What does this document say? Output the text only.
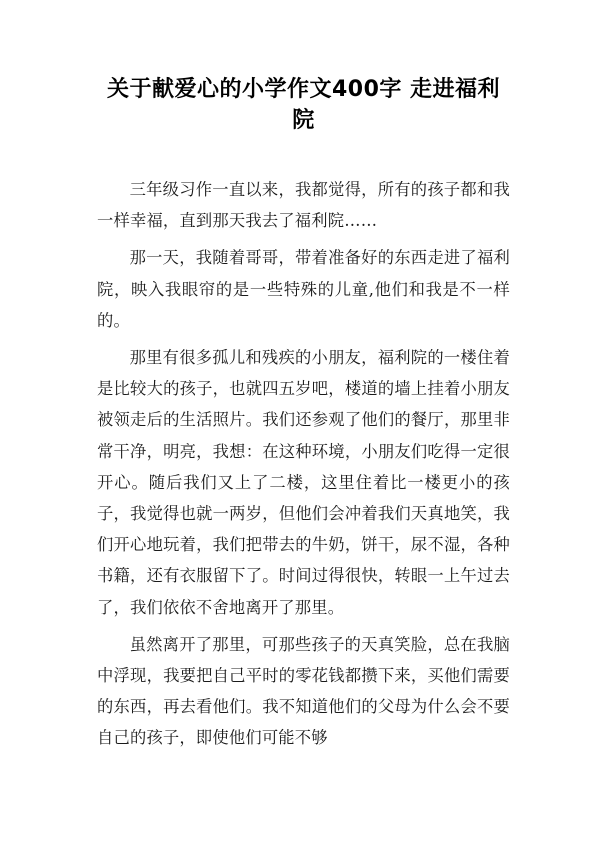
关于献爱心的小学作文400字 走进福利院

三年级习作一直以来，我都觉得，所有的孩子都和我一样幸福，直到那天我去了福利院……

那一天，我随着哥哥，带着准备好的东西走进了福利院，映入我眼帘的是一些特殊的儿童,他们和我是不一样的。

那里有很多孤儿和残疾的小朋友，福利院的一楼住着是比较大的孩子，也就四五岁吧，楼道的墙上挂着小朋友被领走后的生活照片。我们还参观了他们的餐厅，那里非常干净，明亮，我想：在这种环境，小朋友们吃得一定很开心。随后我们又上了二楼，这里住着比一楼更小的孩子，我觉得也就一两岁，但他们会冲着我们天真地笑，我们开心地玩着，我们把带去的牛奶，饼干，尿不湿，各种书籍，还有衣服留下了。时间过得很快，转眼一上午过去了，我们依依不舍地离开了那里。

虽然离开了那里，可那些孩子的天真笑脸，总在我脑中浮现，我要把自己平时的零花钱都攒下来，买他们需要的东西，再去看他们。我不知道他们的父母为什么会不要自己的孩子，即使他们可能不够
